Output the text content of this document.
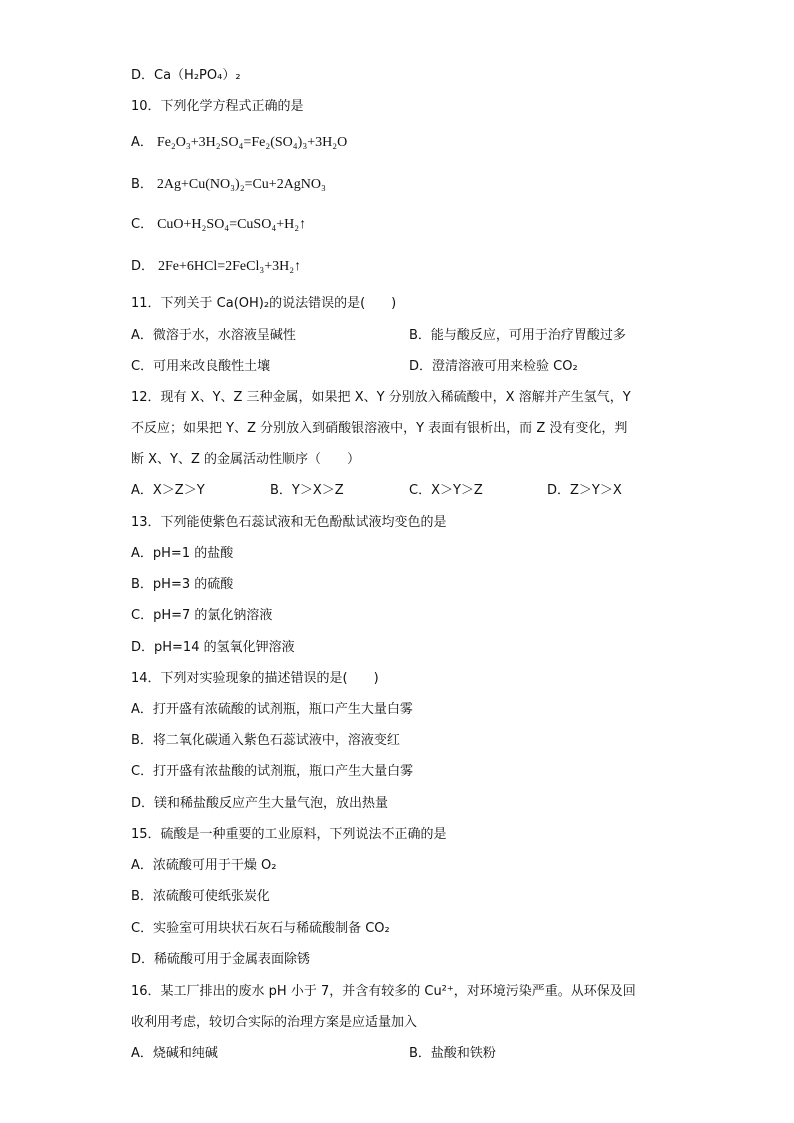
D．Ca（H₂PO₄）₂
10．下列化学方程式正确的是
A． Fe₂O₃+3H₂SO₄=Fe₂(SO₄)₃+3H₂O
B． 2Ag+Cu(NO₃)₂=Cu+2AgNO₃
C． CuO+H₂SO₄=CuSO₄+H₂↑
D． 2Fe+6HCl=2FeCl₃+3H₂↑
11．下列关于 Ca(OH)₂的说法错误的是(　　)
A．微溶于水，水溶液呈碱性	B．能与酸反应，可用于治疗胃酸过多
C．可用来改良酸性土壤	D．澄清溶液可用来检验 CO₂
12．现有 X、Y、Z 三种金属，如果把 X、Y 分别放入稀硫酸中，X 溶解并产生氢气，Y
不反应；如果把 Y、Z 分别放入到硝酸银溶液中，Y 表面有银析出，而 Z 没有变化，判
断 X、Y、Z 的金属活动性顺序（　　）
A．X＞Z＞Y	B．Y＞X＞Z	C．X＞Y＞Z	D．Z＞Y＞X
13．下列能使紫色石蕊试液和无色酚酞试液均变色的是
A．pH=1 的盐酸
B．pH=3 的硫酸
C．pH=7 的氯化钠溶液
D．pH=14 的氢氧化钾溶液
14．下列对实验现象的描述错误的是(　　)
A．打开盛有浓硫酸的试剂瓶，瓶口产生大量白雾
B．将二氧化碳通入紫色石蕊试液中，溶液变红
C．打开盛有浓盐酸的试剂瓶，瓶口产生大量白雾
D．镁和稀盐酸反应产生大量气泡，放出热量
15．硫酸是一种重要的工业原料，下列说法不正确的是
A．浓硫酸可用于干燥 O₂
B．浓硫酸可使纸张炭化
C．实验室可用块状石灰石与稀硫酸制备 CO₂
D．稀硫酸可用于金属表面除锈
16．某工厂排出的废水 pH 小于 7，并含有较多的 Cu²⁺，对环境污染严重。从环保及回
收利用考虑，较切合实际的治理方案是应适量加入
A．烧碱和纯碱	B．盐酸和铁粉
